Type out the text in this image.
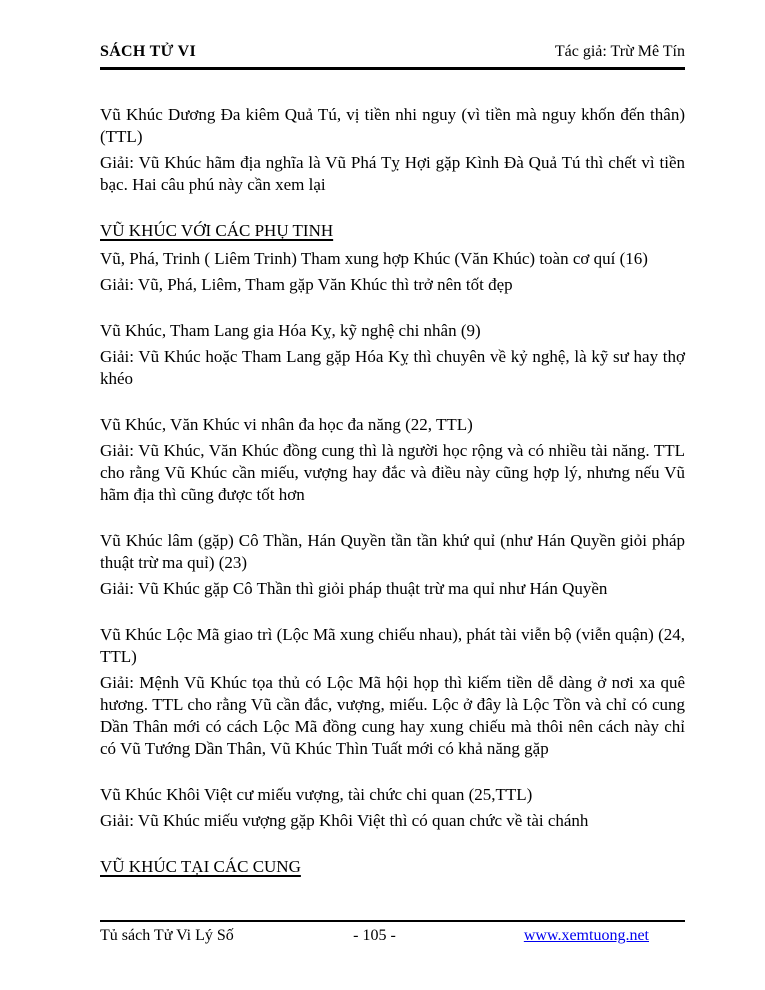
SÁCH TỬ VI	Tác giả: Trừ Mê Tín

Vũ Khúc Dương Đa kiêm Quả Tú, vị tiền nhi nguy (vì tiền mà nguy khốn đến thân) (TTL)

Giải: Vũ Khúc hãm địa nghĩa là Vũ Phá Tỵ Hợi gặp Kình Đà Quả Tú thì chết vì tiền bạc. Hai câu phú này cần xem lại

VŨ KHÚC VỚI CÁC PHỤ TINH

Vũ, Phá, Trinh ( Liêm Trinh) Tham xung hợp Khúc (Văn Khúc) toàn cơ quí (16)

Giải: Vũ, Phá, Liêm, Tham gặp Văn Khúc thì trở nên tốt đẹp

Vũ Khúc, Tham Lang gia Hóa Kỵ, kỹ nghệ chi nhân (9)

Giải: Vũ Khúc hoặc Tham Lang gặp Hóa Kỵ thì chuyên về kỷ nghệ, là kỹ sư hay thợ khéo

Vũ Khúc, Văn Khúc vi nhân đa học đa năng (22, TTL)

Giải: Vũ Khúc, Văn Khúc đồng cung thì là người học rộng và có nhiều tài năng. TTL cho rằng Vũ Khúc cần miếu, vượng hay đắc và điều này cũng hợp lý, nhưng nếu Vũ hãm địa thì cũng được tốt hơn

Vũ Khúc lâm (gặp) Cô Thần, Hán Quyền tần tần khứ quỉ (như Hán Quyền giỏi pháp thuật trừ ma quỉ) (23)

Giải: Vũ Khúc gặp Cô Thần thì giỏi pháp thuật trừ ma quỉ như Hán Quyền

Vũ Khúc Lộc Mã giao trì (Lộc Mã xung chiếu nhau), phát tài viễn bộ (viễn quận) (24, TTL)

Giải: Mệnh Vũ Khúc tọa thủ có Lộc Mã hội họp thì kiếm tiền dễ dàng ở nơi xa quê hương. TTL cho rằng Vũ cần đắc, vượng, miếu. Lộc ở đây là Lộc Tồn và chỉ có cung Dần Thân mới có cách Lộc Mã đồng cung hay xung chiếu mà thôi nên cách này chỉ có Vũ Tướng Dần Thân, Vũ Khúc Thìn Tuất mới có khả năng gặp

Vũ Khúc Khôi Việt cư miếu vượng, tài chức chi quan (25,TTL)

Giải: Vũ Khúc miếu vượng gặp Khôi Việt thì có quan chức về tài chánh

VŨ KHÚC TẠI CÁC CUNG

Tủ sách Tử Vi Lý Số	- 105 -	www.xemtuong.net
